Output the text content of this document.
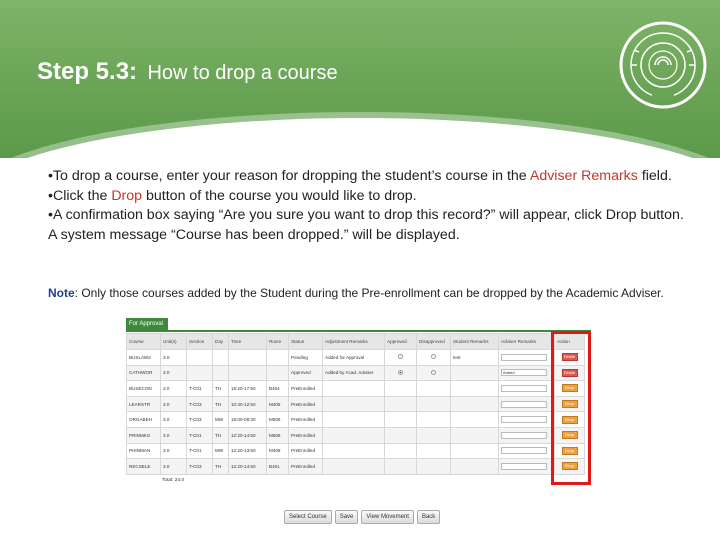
Step 5.3: How to drop a course
•To drop a course, enter your reason for dropping the student’s course in the Adviser Remarks field.
•Click the Drop button of the course you would like to drop.
•A confirmation box saying “Are you sure you want to drop this record?” will appear, click Drop button. A system message “Course has been dropped.” will be displayed.
Note: Only those courses added by the Student during the Pre-enrollment can be dropped by the Academic Adviser.
For Approval
Course	Unit(s)	Section	Day	Time	Room	Status	Adjustment Remarks	Approved	Disapproved	Student Remarks	Adviser Remarks	Action
BUSLAW2	3.0					Pending	Added for Approval			test		Delete
CATHWOR	3.0					Approved	Added by Acad. Adviser				Added	Delete
BUSECON	3.0	T-C01	TH	15:20-17:50	B404	PreEnrolled						Drop
LEARSTR	3.0	T-C03	TH	10:30-12:50	M406	PreEnrolled						Drop
ORGABEH	3.0	T-C03	MW	18:00-08:30	M506	PreEnrolled						Drop
PRINMKG	3.0	T-C01	TH	12:20-14:50	M606	PreEnrolled						Drop
PHINMAN	3.0	T-C01	MW	12:20-13:50	M408	PreEnrolled						Drop
RECSELE	3.0	T-C03	TH	12:20-14:50	B401	PreEnrolled						Drop
Total: 24.0
Select Course	Save	View Movement	Back
